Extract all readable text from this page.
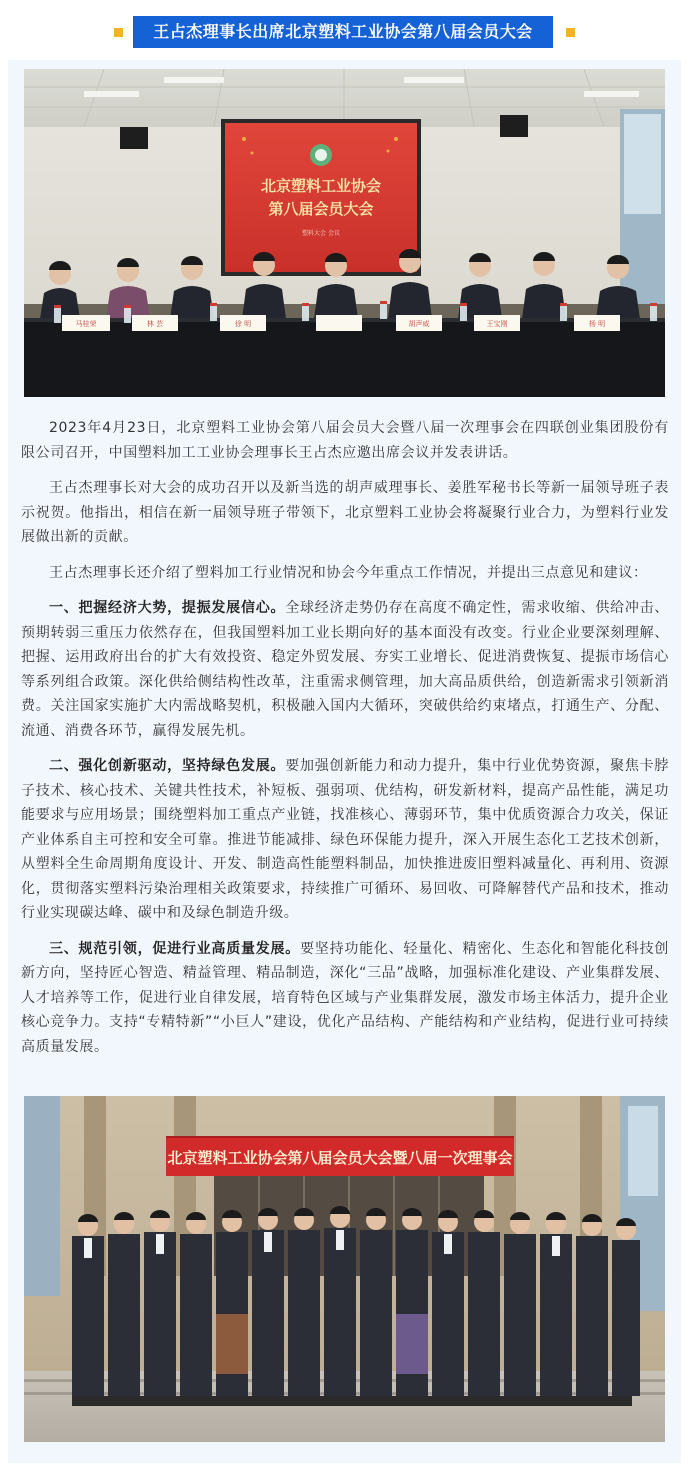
王占杰理事长出席北京塑料工业协会第八届会员大会
北京塑料工业协会
第八届会员大会
塑料大会 会议
马桂荣	林 芸	徐 明	胡声威	王宝刚	杨 明

2023年4月23日，北京塑料工业协会第八届会员大会暨八届一次理事会在四联创业集团股份有限公司召开，中国塑料加工工业协会理事长王占杰应邀出席会议并发表讲话。

王占杰理事长对大会的成功召开以及新当选的胡声威理事长、姜胜军秘书长等新一届领导班子表示祝贺。他指出，相信在新一届领导班子带领下，北京塑料工业协会将凝聚行业合力，为塑料行业发展做出新的贡献。

王占杰理事长还介绍了塑料加工行业情况和协会今年重点工作情况，并提出三点意见和建议：

一、把握经济大势，提振发展信心。全球经济走势仍存在高度不确定性，需求收缩、供给冲击、预期转弱三重压力依然存在，但我国塑料加工业长期向好的基本面没有改变。行业企业要深刻理解、把握、运用政府出台的扩大有效投资、稳定外贸发展、夯实工业增长、促进消费恢复、提振市场信心等系列组合政策。深化供给侧结构性改革，注重需求侧管理，加大高品质供给，创造新需求引领新消费。关注国家实施扩大内需战略契机，积极融入国内大循环，突破供给约束堵点，打通生产、分配、流通、消费各环节，赢得发展先机。

二、强化创新驱动，坚持绿色发展。要加强创新能力和动力提升，集中行业优势资源，聚焦卡脖子技术、核心技术、关键共性技术，补短板、强弱项、优结构，研发新材料，提高产品性能，满足功能要求与应用场景；围绕塑料加工重点产业链，找准核心、薄弱环节，集中优质资源合力攻关，保证产业体系自主可控和安全可靠。推进节能减排、绿色环保能力提升，深入开展生态化工艺技术创新，从塑料全生命周期角度设计、开发、制造高性能塑料制品，加快推进废旧塑料减量化、再利用、资源化，贯彻落实塑料污染治理相关政策要求，持续推广可循环、易回收、可降解替代产品和技术，推动行业实现碳达峰、碳中和及绿色制造升级。

三、规范引领，促进行业高质量发展。要坚持功能化、轻量化、精密化、生态化和智能化科技创新方向，坚持匠心智造、精益管理、精品制造，深化“三品”战略，加强标准化建设、产业集群发展、人才培养等工作，促进行业自律发展，培育特色区域与产业集群发展，激发市场主体活力，提升企业核心竞争力。支持“专精特新”“小巨人”建设，优化产品结构、产能结构和产业结构，促进行业可持续高质量发展。

北京塑料工业协会第八届会员大会暨八届一次理事会
